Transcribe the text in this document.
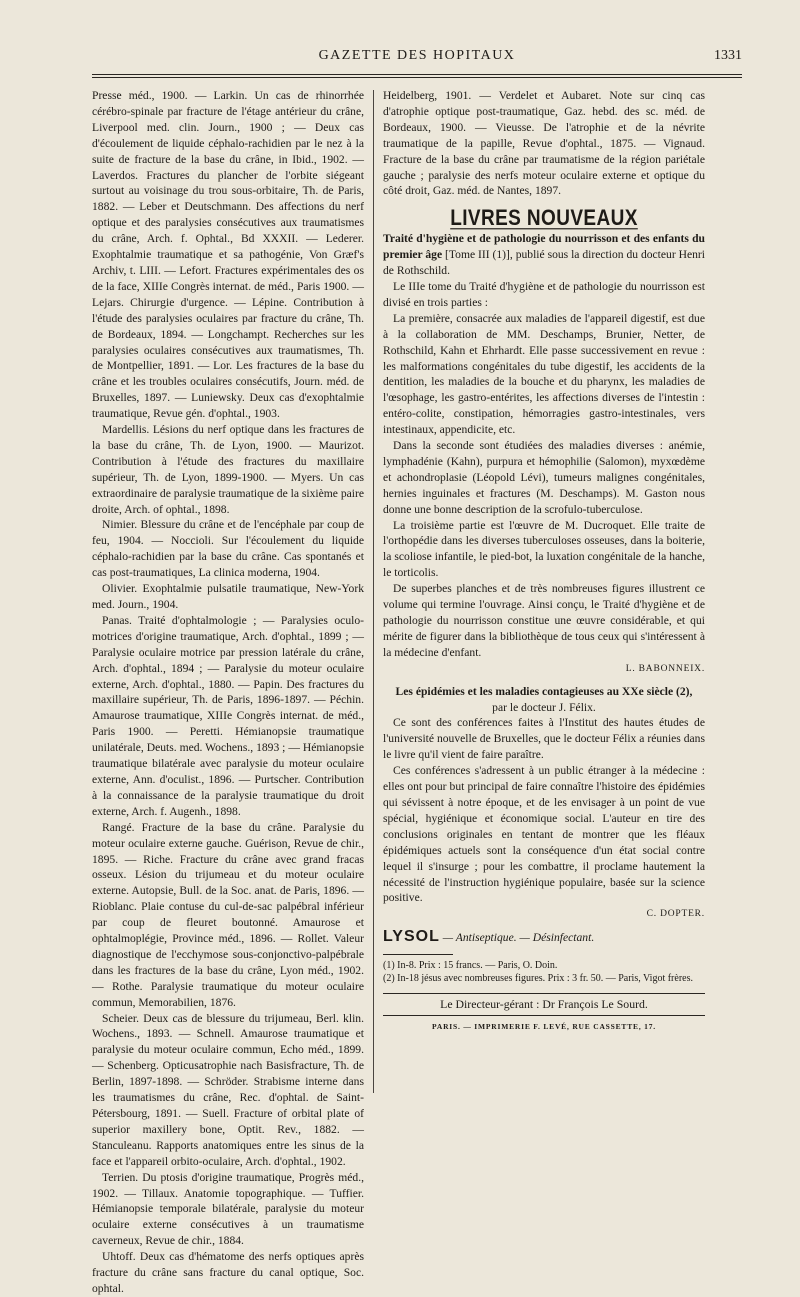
GAZETTE DES HOPITAUX	1331

Presse méd., 1900. — Larkin. Un cas de rhinorrhée cérébro-spinale par fracture de l'étage antérieur du crâne, Liverpool med. clin. Journ., 1900 ; — Deux cas d'écoulement de liquide céphalo-rachidien par le nez à la suite de fracture de la base du crâne, in Ibid., 1902. — Laverdos. Fractures du plancher de l'orbite siégeant surtout au voisinage du trou sous-orbitaire, Th. de Paris, 1882. — Leber et Deutschmann. Des affections du nerf optique et des paralysies consécutives aux traumatismes du crâne, Arch. f. Ophtal., Bd XXXII. — Lederer. Exophtalmie traumatique et sa pathogénie, Von Græf's Archiv, t. LIII. — Lefort. Fractures expérimentales des os de la face, XIIIe Congrès internat. de méd., Paris 1900. — Lejars. Chirurgie d'urgence. — Lépine. Contribution à l'étude des paralysies oculaires par fracture du crâne, Th. de Bordeaux, 1894. — Longchampt. Recherches sur les paralysies oculaires consécutives aux traumatismes, Th. de Montpellier, 1891. — Lor. Les fractures de la base du crâne et les troubles oculaires consécutifs, Journ. méd. de Bruxelles, 1897. — Luniewsky. Deux cas d'exophtalmie traumatique, Revue gén. d'ophtal., 1903.

Mardellis. Lésions du nerf optique dans les fractures de la base du crâne, Th. de Lyon, 1900. — Maurizot. Contribution à l'étude des fractures du maxillaire supérieur, Th. de Lyon, 1899-1900. — Myers. Un cas extraordinaire de paralysie traumatique de la sixième paire droite, Arch. of ophtal., 1898.

Nimier. Blessure du crâne et de l'encéphale par coup de feu, 1904. — Noccioli. Sur l'écoulement du liquide céphalo-rachidien par la base du crâne. Cas spontanés et cas post-traumatiques, La clinica moderna, 1904.

Olivier. Exophtalmie pulsatile traumatique, New-York med. Journ., 1904.

Panas. Traité d'ophtalmologie ; — Paralysies oculo-motrices d'origine traumatique, Arch. d'ophtal., 1899 ; — Paralysie oculaire motrice par pression latérale du crâne, Arch. d'ophtal., 1894 ; — Paralysie du moteur oculaire externe, Arch. d'ophtal., 1880. — Papin. Des fractures du maxillaire supérieur, Th. de Paris, 1896-1897. — Péchin. Amaurose traumatique, XIIIe Congrès internat. de méd., Paris 1900. — Peretti. Hémianopsie traumatique unilatérale, Deuts. med. Wochens., 1893 ; — Hémianopsie traumatique bilatérale avec paralysie du moteur oculaire externe, Ann. d'oculist., 1896. — Purtscher. Contribution à la connaissance de la paralysie traumatique du droit externe, Arch. f. Augenh., 1898.

Rangé. Fracture de la base du crâne. Paralysie du moteur oculaire externe gauche. Guérison, Revue de chir., 1895. — Riche. Fracture du crâne avec grand fracas osseux. Lésion du trijumeau et du moteur oculaire externe. Autopsie, Bull. de la Soc. anat. de Paris, 1896. — Rioblanc. Plaie contuse du cul-de-sac palpébral inférieur par coup de fleuret boutonné. Amaurose et ophtalmoplégie, Province méd., 1896. — Rollet. Valeur diagnostique de l'ecchymose sous-conjonctivo-palpébrale dans les fractures de la base du crâne, Lyon méd., 1902. — Rothe. Paralysie traumatique du moteur oculaire commun, Memorabilien, 1876.

Scheier. Deux cas de blessure du trijumeau, Berl. klin. Wochens., 1893. — Schnell. Amaurose traumatique et paralysie du moteur oculaire commun, Echo méd., 1899. — Schenberg. Opticusatrophie nach Basisfracture, Th. de Berlin, 1897-1898. — Schröder. Strabisme interne dans les traumatismes du crâne, Rec. d'ophtal. de Saint-Pétersbourg, 1891. — Suell. Fracture of orbital plate of superior maxillery bone, Optit. Rev., 1882. — Stanculeanu. Rapports anatomiques entre les sinus de la face et l'appareil orbito-oculaire, Arch. d'ophtal., 1902.

Terrien. Du ptosis d'origine traumatique, Progrès méd., 1902. — Tillaux. Anatomie topographique. — Tuffier. Hémianopsie temporale bilatérale, paralysie du moteur oculaire externe consécutives à un traumatisme caverneux, Revue de chir., 1884.

Uhtoff. Deux cas d'hématome des nerfs optiques après fracture du crâne sans fracture du canal optique, Soc. ophtal.

Heidelberg, 1901. — Verdelet et Aubaret. Note sur cinq cas d'atrophie optique post-traumatique, Gaz. hebd. des sc. méd. de Bordeaux, 1900. — Vieusse. De l'atrophie et de la névrite traumatique de la papille, Revue d'ophtal., 1875. — Vignaud. Fracture de la base du crâne par traumatisme de la région pariétale gauche ; paralysie des nerfs moteur oculaire externe et optique du côté droit, Gaz. méd. de Nantes, 1897.

LIVRES NOUVEAUX

Traité d'hygiène et de pathologie du nourrisson et des enfants du premier âge [Tome III (1)], publié sous la direction du docteur Henri de Rothschild.

Le IIIe tome du Traité d'hygiène et de pathologie du nourrisson est divisé en trois parties :

La première, consacrée aux maladies de l'appareil digestif, est due à la collaboration de MM. Deschamps, Brunier, Netter, de Rothschild, Kahn et Ehrhardt. Elle passe successivement en revue : les malformations congénitales du tube digestif, les accidents de la dentition, les maladies de la bouche et du pharynx, les maladies de l'œsophage, les gastro-entérites, les affections diverses de l'intestin : entéro-colite, constipation, hémorragies gastro-intestinales, vers intestinaux, appendicite, etc.

Dans la seconde sont étudiées des maladies diverses : anémie, lymphadénie (Kahn), purpura et hémophilie (Salomon), myxœdème et achondroplasie (Léopold Lévi), tumeurs malignes congénitales, hernies inguinales et fractures (M. Deschamps). M. Gaston nous donne une bonne description de la scrofulo-tuberculose.

La troisième partie est l'œuvre de M. Ducroquet. Elle traite de l'orthopédie dans les diverses tuberculoses osseuses, dans la boiterie, la scoliose infantile, le pied-bot, la luxation congénitale de la hanche, le torticolis.

De superbes planches et de très nombreuses figures illustrent ce volume qui termine l'ouvrage. Ainsi conçu, le Traité d'hygiène et de pathologie du nourrisson constitue une œuvre considérable, et qui mérite de figurer dans la bibliothèque de tous ceux qui s'intéressent à la médecine d'enfant.

L. BABONNEIX.

Les épidémies et les maladies contagieuses au XXe siècle (2),

par le docteur J. Félix.

Ce sont des conférences faites à l'Institut des hautes études de l'université nouvelle de Bruxelles, que le docteur Félix a réunies dans le livre qu'il vient de faire paraître.

Ces conférences s'adressent à un public étranger à la médecine : elles ont pour but principal de faire connaître l'histoire des épidémies qui sévissent à notre époque, et de les envisager à un point de vue spécial, hygiénique et économique social. L'auteur en tire des conclusions originales en tentant de montrer que les fléaux épidémiques actuels sont la conséquence d'un état social contre lequel il s'insurge ; pour les combattre, il proclame hautement la nécessité de l'instruction hygiénique populaire, basée sur la science positive.

C. DOPTER.

LYSOL — Antiseptique. — Désinfectant.

(1) In-8. Prix : 15 francs. — Paris, O. Doin.

(2) In-18 jésus avec nombreuses figures. Prix : 3 fr. 50. — Paris, Vigot frères.

Le Directeur-gérant : Dr François Le Sourd.
PARIS. — IMPRIMERIE F. LEVÉ, RUE CASSETTE, 17.
